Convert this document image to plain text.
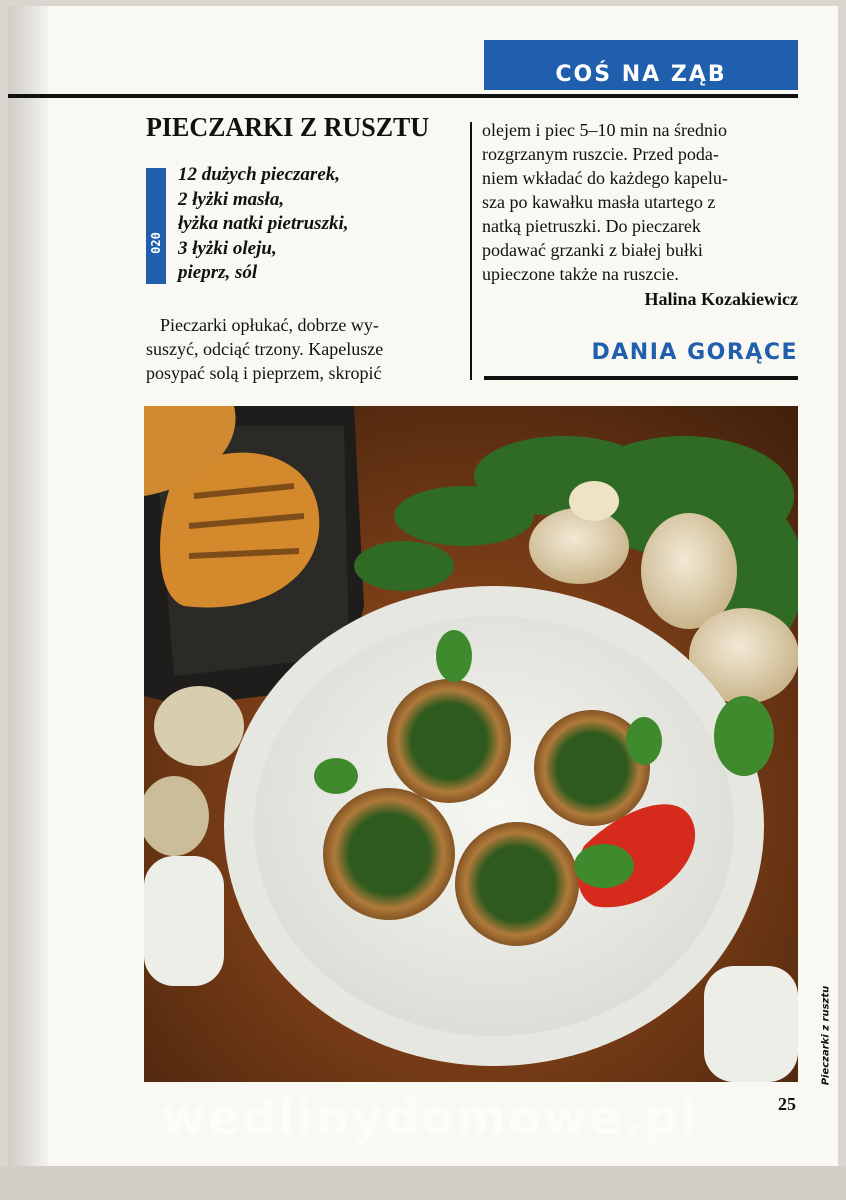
COŚ NA ZĄB
PIECZARKI Z RUSZTU
020
12 dużych pieczarek,
2 łyżki masła,
łyżka natki pietruszki,
3 łyżki oleju,
pieprz, sól
Pieczarki opłukać, dobrze wy-
suszyć, odciąć trzony. Kapelusze
posypać solą i pieprzem, skropić
olejem i piec 5–10 min na średnio
rozgrzanym ruszcie. Przed poda-
niem wkładać do każdego kapelu-
sza po kawałku masła utartego z
natką pietruszki. Do pieczarek
podawać grzanki z białej bułki
upieczone także na ruszcie.
Halina Kozakiewicz
DANIA GORĄCE
Pieczarki z rusztu
25
wedlinydomowe.pl
